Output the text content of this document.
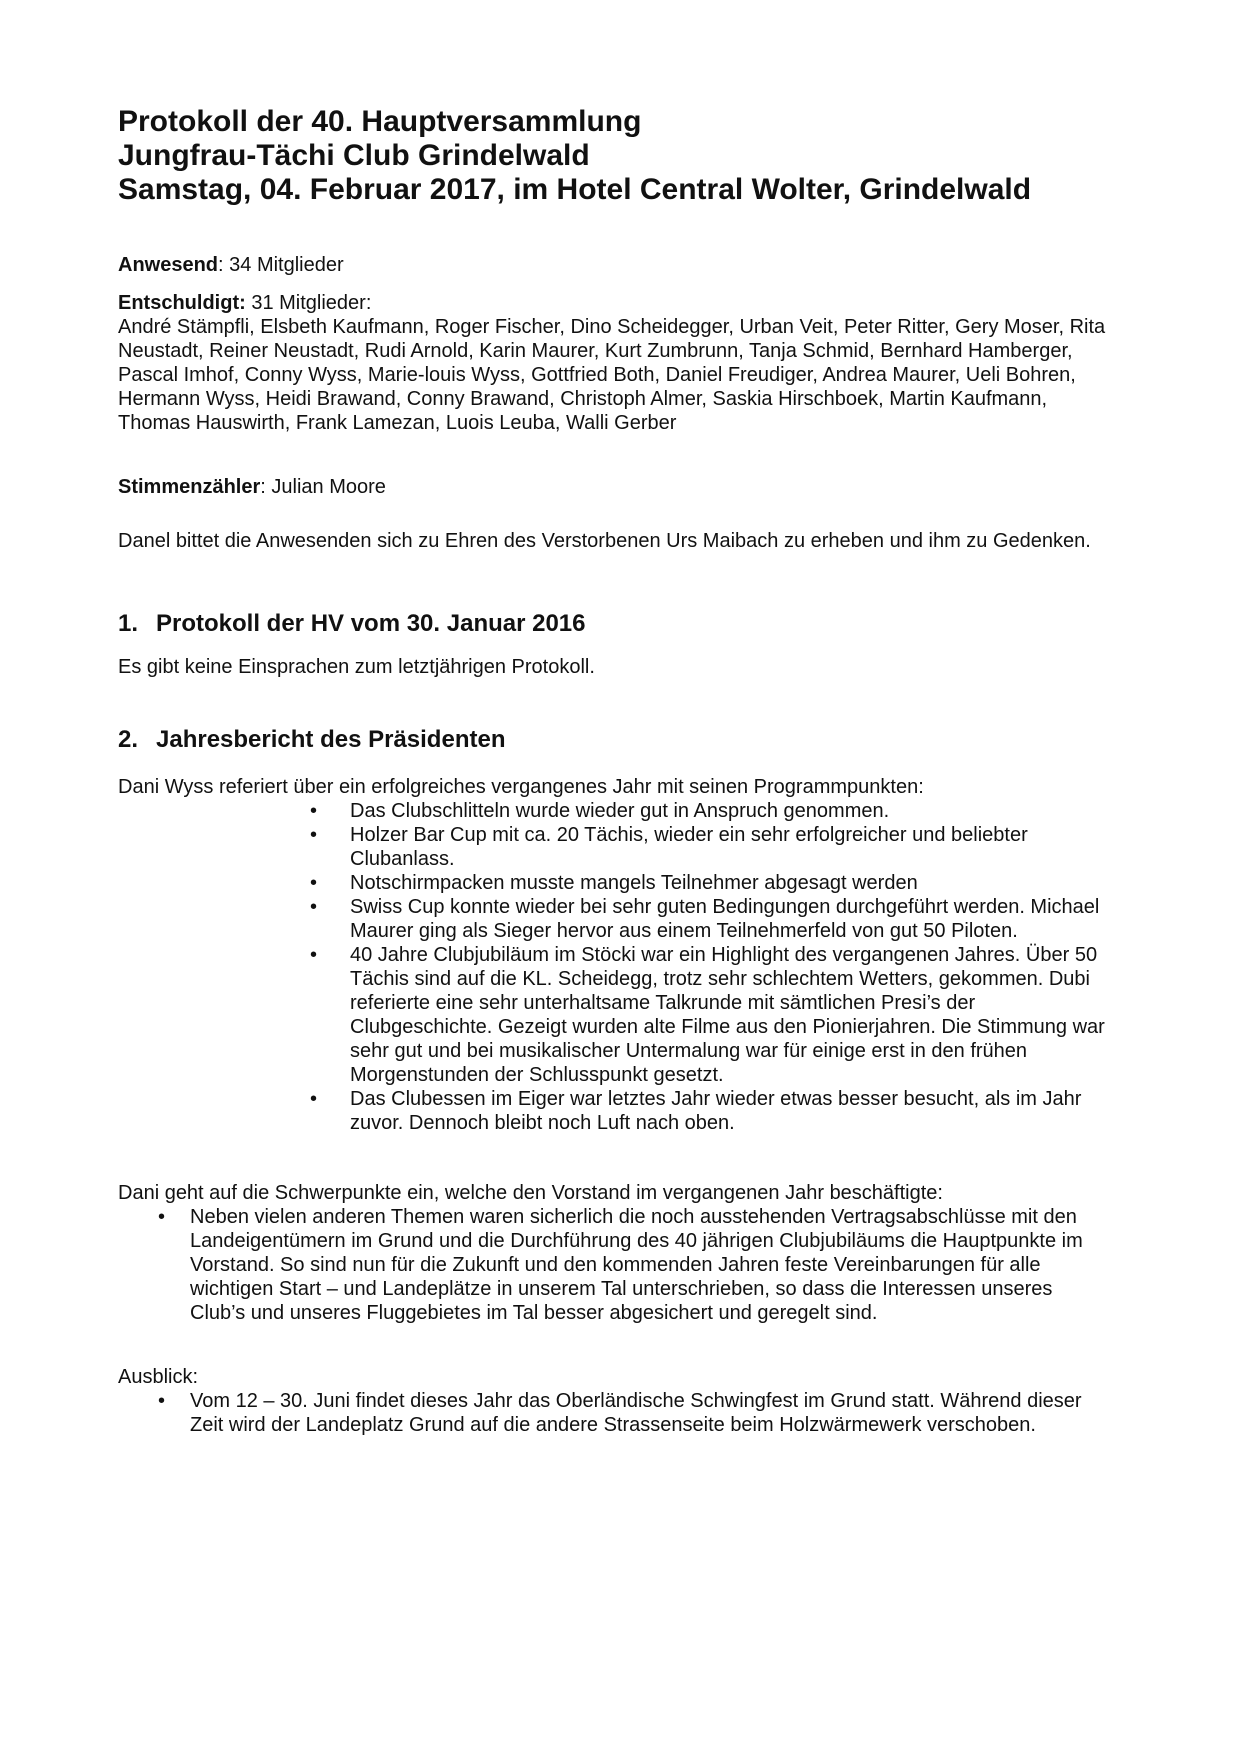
Protokoll der 40. Hauptversammlung
Jungfrau-Tächi Club Grindelwald
Samstag, 04. Februar 2017, im Hotel Central Wolter, Grindelwald

Anwesend: 34 Mitglieder

Entschuldigt: 31 Mitglieder:

André Stämpfli, Elsbeth Kaufmann, Roger Fischer, Dino Scheidegger, Urban Veit, Peter Ritter, Gery Moser, Rita Neustadt, Reiner Neustadt, Rudi Arnold, Karin Maurer, Kurt Zumbrunn, Tanja Schmid, Bernhard Hamberger, Pascal Imhof, Conny Wyss, Marie-louis Wyss, Gottfried Both, Daniel Freudiger, Andrea Maurer, Ueli Bohren, Hermann Wyss, Heidi Brawand, Conny Brawand, Christoph Almer, Saskia Hirschboek, Martin Kaufmann, Thomas Hauswirth, Frank Lamezan, Luois Leuba, Walli Gerber

Stimmenzähler: Julian Moore

Danel bittet die Anwesenden sich zu Ehren des Verstorbenen Urs Maibach zu erheben und ihm zu Gedenken.

1. Protokoll der HV vom 30. Januar 2016

Es gibt keine Einsprachen zum letztjährigen Protokoll.

2. Jahresbericht des Präsidenten

Dani Wyss referiert über ein erfolgreiches vergangenes Jahr mit seinen Programmpunkten:

• Das Clubschlitteln wurde wieder gut in Anspruch genommen.
• Holzer Bar Cup mit ca. 20 Tächis, wieder ein sehr erfolgreicher und beliebter Clubanlass.
• Notschirmpacken musste mangels Teilnehmer abgesagt werden
• Swiss Cup konnte wieder bei sehr guten Bedingungen durchgeführt werden. Michael Maurer ging als Sieger hervor aus einem Teilnehmerfeld von gut 50 Piloten.
• 40 Jahre Clubjubiläum im Stöcki war ein Highlight des vergangenen Jahres. Über 50 Tächis sind auf die KL. Scheidegg, trotz sehr schlechtem Wetters, gekommen. Dubi referierte eine sehr unterhaltsame Talkrunde mit sämtlichen Presi’s der Clubgeschichte. Gezeigt wurden alte Filme aus den Pionierjahren. Die Stimmung war sehr gut und bei musikalischer Untermalung war für einige erst in den frühen Morgenstunden der Schlusspunkt gesetzt.
• Das Clubessen im Eiger war letztes Jahr wieder etwas besser besucht, als im Jahr zuvor. Dennoch bleibt noch Luft nach oben.

Dani geht auf die Schwerpunkte ein, welche den Vorstand im vergangenen Jahr beschäftigte:

• Neben vielen anderen Themen waren sicherlich die noch ausstehenden Vertragsabschlüsse mit den Landeigentümern im Grund und die Durchführung des 40 jährigen Clubjubiläums die Hauptpunkte im Vorstand. So sind nun für die Zukunft und den kommenden Jahren feste Vereinbarungen für alle wichtigen Start – und Landeplätze in unserem Tal unterschrieben, so dass die Interessen unseres Club’s und unseres Fluggebietes im Tal besser abgesichert und geregelt sind.

Ausblick:

• Vom 12 – 30. Juni findet dieses Jahr das Oberländische Schwingfest im Grund statt. Während dieser Zeit wird der Landeplatz Grund auf die andere Strassenseite beim Holzwärmewerk verschoben.
